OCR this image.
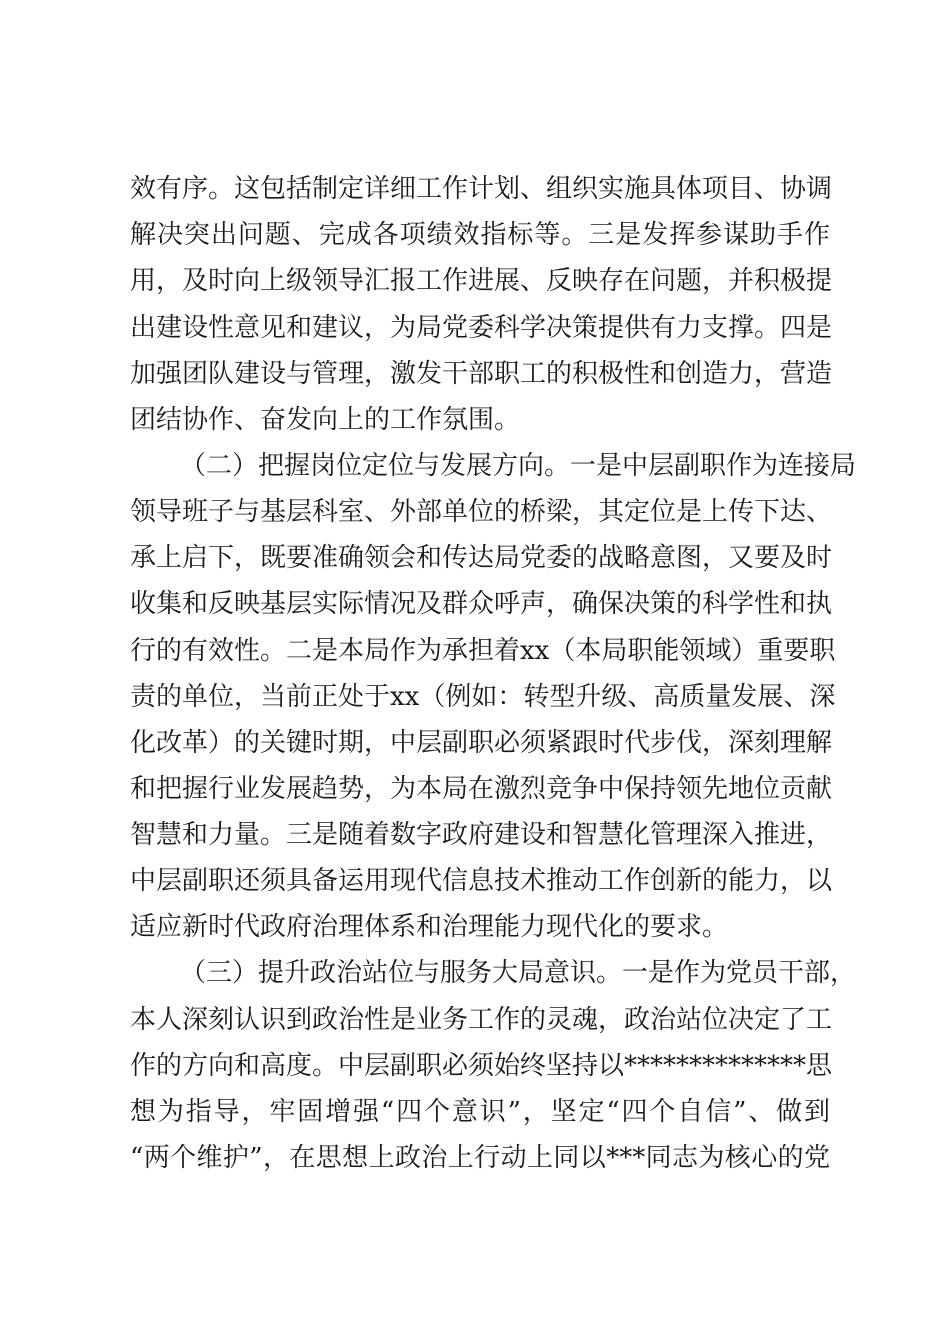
效有序。这包括制定详细工作计划、组织实施具体项目、协调
解决突出问题、完成各项绩效指标等。三是发挥参谋助手作
用，及时向上级领导汇报工作进展、反映存在问题，并积极提
出建设性意见和建议，为局党委科学决策提供有力支撑。四是
加强团队建设与管理，激发干部职工的积极性和创造力，营造
团结协作、奋发向上的工作氛围。
（二）把握岗位定位与发展方向。一是中层副职作为连接局
领导班子与基层科室、外部单位的桥梁，其定位是上传下达、
承上启下，既要准确领会和传达局党委的战略意图，又要及时
收集和反映基层实际情况及群众呼声，确保决策的科学性和执
行的有效性。二是本局作为承担着xx（本局职能领域）重要职
责的单位，当前正处于xx（例如：转型升级、高质量发展、深
化改革）的关键时期，中层副职必须紧跟时代步伐，深刻理解
和把握行业发展趋势，为本局在激烈竞争中保持领先地位贡献
智慧和力量。三是随着数字政府建设和智慧化管理深入推进，
中层副职还须具备运用现代信息技术推动工作创新的能力，以
适应新时代政府治理体系和治理能力现代化的要求。
（三）提升政治站位与服务大局意识。一是作为党员干部，
本人深刻认识到政治性是业务工作的灵魂，政治站位决定了工
作的方向和高度。中层副职必须始终坚持以**************思
想为指导，牢固增强“四个意识”，坚定“四个自信”、做到
“两个维护”，在思想上政治上行动上同以***同志为核心的党
